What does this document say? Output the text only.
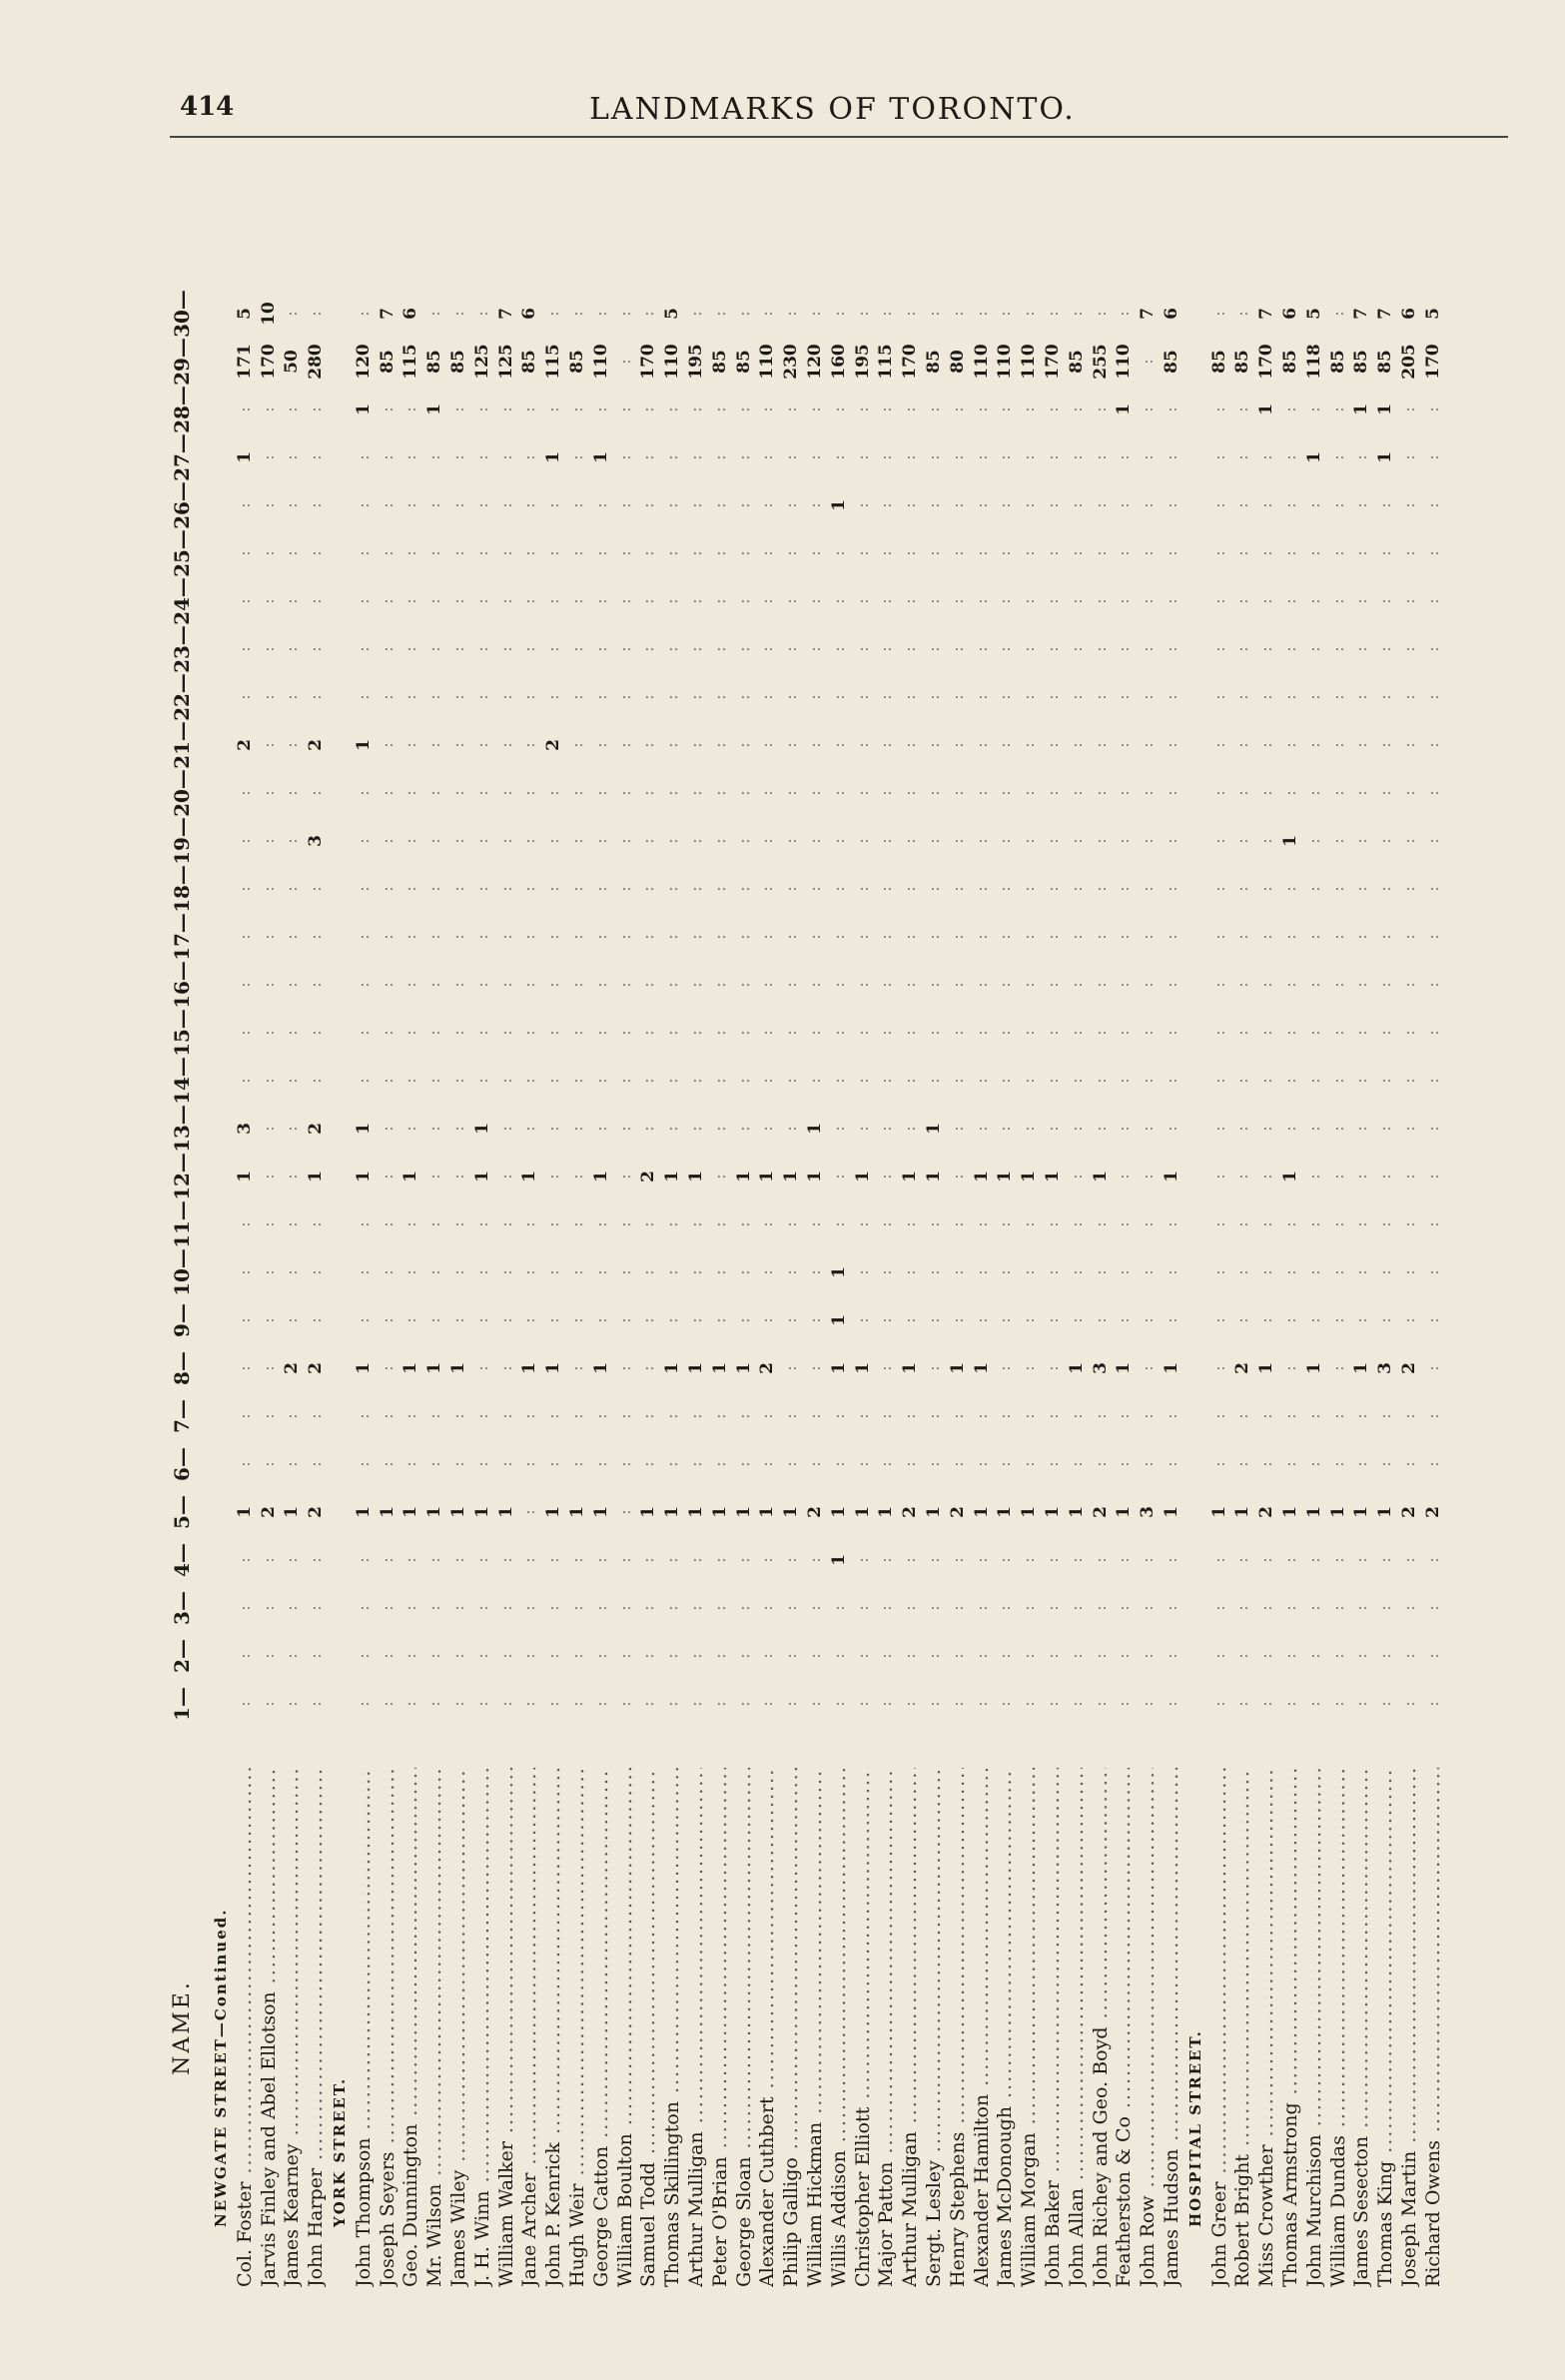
414	LANDMARKS OF TORONTO.
NAME.
1—
2—
3—
4—
5—
6—
7—
8—
9—
10—
11—
12—
13—
14—
15—
16—
17—
18—
19—
20—
21—
22—
23—
24—
25—
26—
27—
28—
29—
30—
NEWGATE STREET—Continued.
Col. Foster .....
:
:
:
:
1
:
:
:
:
:
:
1
3
:
:
:
:
:
:
:
2
:
:
:
:
:
1
:
171
5
Jarvis Finley and Abel Ellotson .....
:
:
:
:
2
:
:
:
:
:
:
:
:
:
:
:
:
:
:
:
:
:
:
:
:
:
:
:
170
10
James Kearney .....
:
:
:
:
1
:
:
2
:
:
:
:
:
:
:
:
:
:
:
:
:
:
:
:
:
:
:
:
50
:
John Harper .....
:
:
:
:
2
:
:
2
:
:
:
1
2
:
:
:
:
:
3
:
2
:
:
:
:
:
:
:
280
:
YORK STREET. John Thompson .....
:
:
:
:
1
:
:
1
:
:
:
1
1
:
:
:
:
:
:
:
1
:
:
:
:
:
:
1
120
:
Joseph Seyers .....
:
:
:
:
1
:
:
:
:
:
:
:
:
:
:
:
:
:
:
:
:
:
:
:
:
:
:
:
85
7
Geo. Dunnington .....
:
:
:
:
1
:
:
1
:
:
:
1
:
:
:
:
:
:
:
:
:
:
:
:
:
:
:
:
115
6
Mr. Wilson .....
:
:
:
:
1
:
:
1
:
:
:
:
:
:
:
:
:
:
:
:
:
:
:
:
:
:
:
1
85
:
James Wiley .....
:
:
:
:
1
:
:
1
:
:
:
:
:
:
:
:
:
:
:
:
:
:
:
:
:
:
:
:
85
:
J. H. Winn .....
:
:
:
:
1
:
:
:
:
:
:
1
1
:
:
:
:
:
:
:
:
:
:
:
:
:
:
:
125
:
William Walker .....
:
:
:
:
1
:
:
:
:
:
:
:
:
:
:
:
:
:
:
:
:
:
:
:
:
:
:
:
125
7
Jane Archer .....
:
:
:
:
:
:
:
1
:
:
:
1
:
:
:
:
:
:
:
:
:
:
:
:
:
:
:
:
85
6
John P. Kenrick .....
:
:
:
:
1
:
:
1
:
:
:
:
:
:
:
:
:
:
:
:
2
:
:
:
:
:
1
:
115
:
Hugh Weir .....
:
:
:
:
1
:
:
:
:
:
:
:
:
:
:
:
:
:
:
:
:
:
:
:
:
:
:
:
85
:
George Catton .....
:
:
:
:
1
:
:
1
:
:
:
1
:
:
:
:
:
:
:
:
:
:
:
:
:
:
1
:
110
:
William Boulton .....
:
:
:
:
:
:
:
:
:
:
:
:
:
:
:
:
:
:
:
:
:
:
:
:
:
:
:
:
:
:
Samuel Todd .....
:
:
:
:
1
:
:
:
:
:
:
2
:
:
:
:
:
:
:
:
:
:
:
:
:
:
:
:
170
:
Thomas Skillington .....
:
:
:
:
1
:
:
1
:
:
:
1
:
:
:
:
:
:
:
:
:
:
:
:
:
:
:
:
110
5
Arthur Mulligan .....
:
:
:
:
1
:
:
1
:
:
:
1
:
:
:
:
:
:
:
:
:
:
:
:
:
:
:
:
195
:
Peter O'Brian .....
:
:
:
:
1
:
:
1
:
:
:
:
:
:
:
:
:
:
:
:
:
:
:
:
:
:
:
:
85
:
George Sloan .....
:
:
:
:
1
:
:
1
:
:
:
1
:
:
:
:
:
:
:
:
:
:
:
:
:
:
:
:
85
:
Alexander Cuthbert .....
:
:
:
:
1
:
:
2
:
:
:
1
:
:
:
:
:
:
:
:
:
:
:
:
:
:
:
:
110
:
Philip Galligo .....
:
:
:
:
1
:
:
:
:
:
:
1
:
:
:
:
:
:
:
:
:
:
:
:
:
:
:
:
230
:
William Hickman .....
:
:
:
:
2
:
:
:
:
:
:
1
1
:
:
:
:
:
:
:
:
:
:
:
:
:
:
:
120
:
Willis Addison .....
:
:
:
1
1
:
:
1
1
1
:
:
:
:
:
:
:
:
:
:
:
:
:
:
:
1
:
:
160
:
Christopher Elliott .....
:
:
:
:
1
:
:
1
:
:
:
1
:
:
:
:
:
:
:
:
:
:
:
:
:
:
:
:
195
:
Major Patton .....
:
:
:
:
1
:
:
:
:
:
:
:
:
:
:
:
:
:
:
:
:
:
:
:
:
:
:
:
115
:
Arthur Mulligan .....
:
:
:
:
2
:
:
1
:
:
:
1
:
:
:
:
:
:
:
:
:
:
:
:
:
:
:
:
170
:
Sergt. Lesley .....
:
:
:
:
1
:
:
:
:
:
:
1
1
:
:
:
:
:
:
:
:
:
:
:
:
:
:
:
85
:
Henry Stephens .....
:
:
:
:
2
:
:
1
:
:
:
:
:
:
:
:
:
:
:
:
:
:
:
:
:
:
:
:
80
:
Alexander Hamilton .....
:
:
:
:
1
:
:
1
:
:
:
1
:
:
:
:
:
:
:
:
:
:
:
:
:
:
:
:
110
:
James McDonough .....
:
:
:
:
1
:
:
:
:
:
:
1
:
:
:
:
:
:
:
:
:
:
:
:
:
:
:
:
110
:
William Morgan .....
:
:
:
:
1
:
:
:
:
:
:
1
:
:
:
:
:
:
:
:
:
:
:
:
:
:
:
:
110
:
John Baker .....
:
:
:
:
1
:
:
:
:
:
:
1
:
:
:
:
:
:
:
:
:
:
:
:
:
:
:
:
170
:
John Allan .....
:
:
:
:
1
:
:
1
:
:
:
:
:
:
:
:
:
:
:
:
:
:
:
:
:
:
:
:
85
:
John Richey and Geo. Boyd .....
:
:
:
:
2
:
:
3
:
:
:
1
:
:
:
:
:
:
:
:
:
:
:
:
:
:
:
:
255
:
Featherston & Co .....
:
:
:
:
1
:
:
1
:
:
:
:
:
:
:
:
:
:
:
:
:
:
:
:
:
:
:
1
110
:
John Row .....
:
:
:
:
3
:
:
:
:
:
:
:
:
:
:
:
:
:
:
:
:
:
:
:
:
:
:
:
:
7
James Hudson .....
:
:
:
:
1
:
:
1
:
:
:
1
:
:
:
:
:
:
:
:
:
:
:
:
:
:
:
:
85
6
HOSPITAL STREET.
John Greer .....
:
:
:
:
1
:
:
:
:
:
:
:
:
:
:
:
:
:
:
:
:
:
:
:
:
:
:
:
85
:
Robert Bright .....
:
:
:
:
1
:
:
2
:
:
:
:
:
:
:
:
:
:
:
:
:
:
:
:
:
:
:
:
85
:
Miss Crowther .....
:
:
:
:
2
:
:
1
:
:
:
:
:
:
:
:
:
:
:
:
:
:
:
:
:
:
:
1
170
7
Thomas Armstrong .....
:
:
:
:
1
:
:
:
:
:
:
1
:
:
:
:
:
:
1
:
:
:
:
:
:
:
:
:
85
6
John Murchison .....
:
:
:
:
1
:
:
1
:
:
:
:
:
:
:
:
:
:
:
:
:
:
:
:
:
:
1
:
118
5
William Dundas .....
:
:
:
:
1
:
:
:
:
:
:
:
:
:
:
:
:
:
:
:
:
:
:
:
:
:
:
:
85
:
James Sesecton .....
:
:
:
:
1
:
:
1
:
:
:
:
:
:
:
:
:
:
:
:
:
:
:
:
:
:
:
1
85
7
Thomas King .....
:
:
:
:
1
:
:
3
:
:
:
:
:
:
:
:
:
:
:
:
:
:
:
:
:
:
1
1
85
7
Joseph Martin .....
:
:
:
:
2
:
:
2
:
:
:
:
:
:
:
:
:
:
:
:
:
:
:
:
:
:
:
:
205
6
Richard Owens .....
:
:
:
:
2
:
:
:
:
:
:
:
:
:
:
:
:
:
:
:
:
:
:
:
:
:
:
:
170
5
